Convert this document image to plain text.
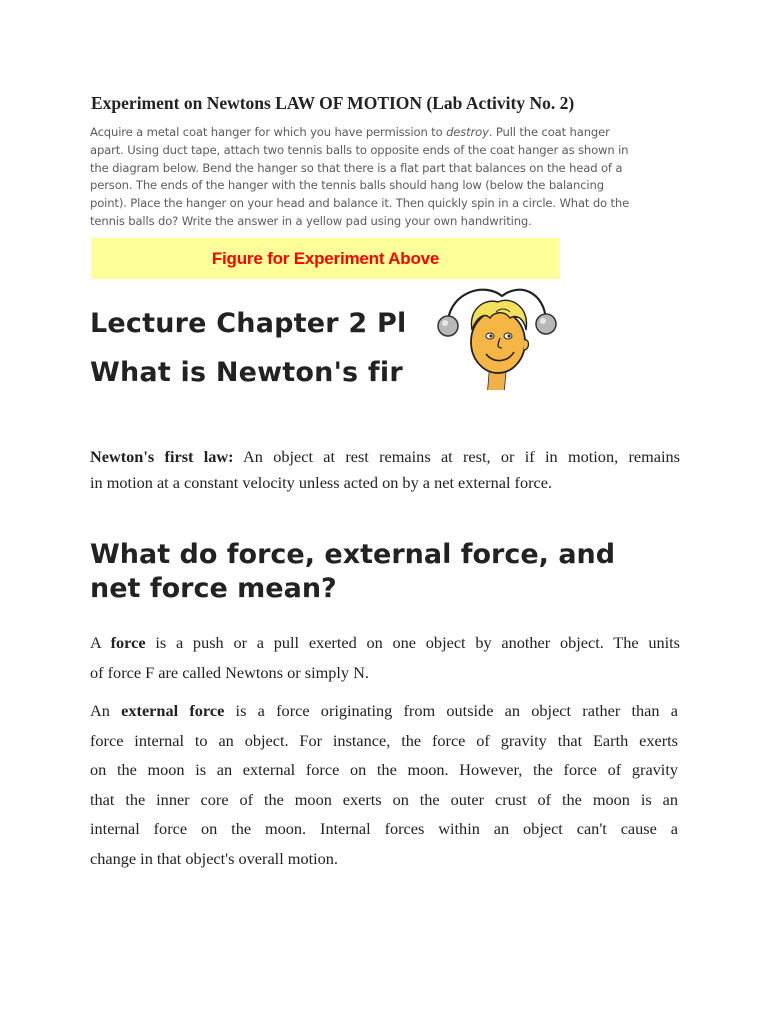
Experiment on Newtons LAW OF MOTION (Lab Activity No. 2)

Acquire a metal coat hanger for which you have permission to destroy. Pull the coat hanger
apart. Using duct tape, attach two tennis balls to opposite ends of the coat hanger as shown in
the diagram below. Bend the hanger so that there is a flat part that balances on the head of a
person. The ends of the hanger with the tennis balls should hang low (below the balancing
point). Place the hanger on your head and balance it. Then quickly spin in a circle. What do the
tennis balls do? Write the answer in a yellow pad using your own handwriting.

Figure for Experiment Above
Lecture Chapter 2 Pl
What is Newton's fir

Newton's first law: An object at rest remains at rest, or if in motion, remains
in motion at a constant velocity unless acted on by a net external force.

What do force, external force, and
net force mean?

A force is a push or a pull exerted on one object by another object. The units
of force F are called Newtons or simply N.

An external force is a force originating from outside an object rather than a
force internal to an object. For instance, the force of gravity that Earth exerts
on the moon is an external force on the moon. However, the force of gravity
that the inner core of the moon exerts on the outer crust of the moon is an
internal force on the moon. Internal forces within an object can't cause a
change in that object's overall motion.
